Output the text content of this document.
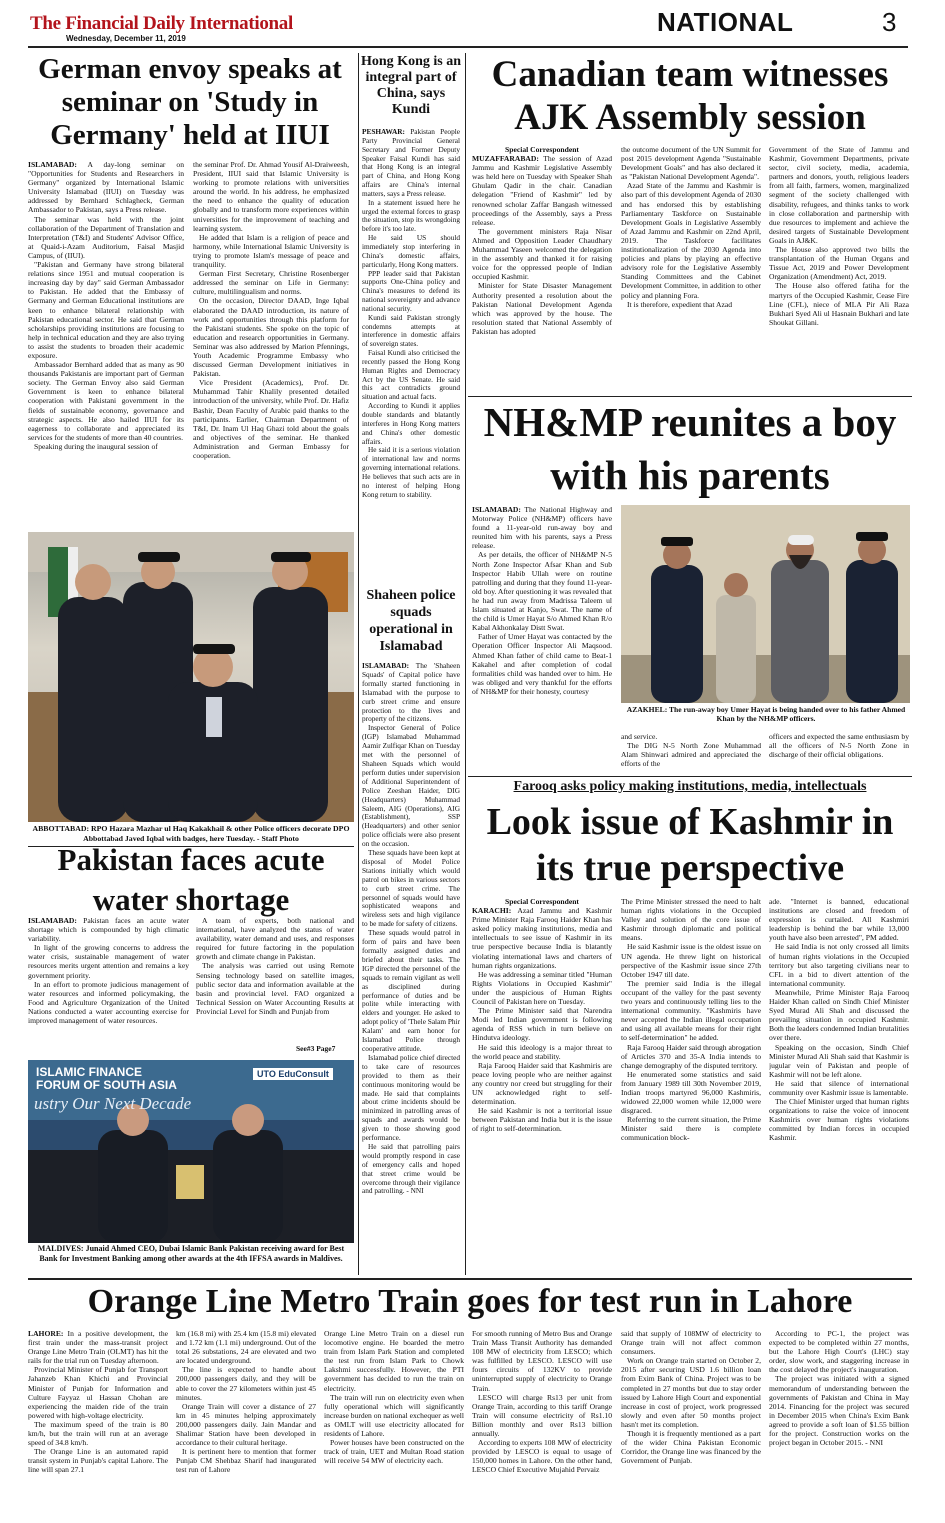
The Financial Daily International
Wednesday, December 11, 2019
NATIONAL	3
German envoy speaks at seminar on 'Study in Germany' held at IIUI

ISLAMABAD: A day-long seminar on "Opportunities for Students and Researchers in Germany" organized by International Islamic University Islamabad (IIUI) on Tuesday was addressed by Bernhard Schlagheck, German Ambassador to Pakistan, says a Press release.

The seminar was held with the joint collaboration of the Department of Translation and Interpretation (T&I) and Students' Advisor Office, at Quaid-i-Azam Auditorium, Faisal Masjid Campus, of (IIUI).

"Pakistan and Germany have strong bilateral relations since 1951 and mutual cooperation is increasing day by day" said German Ambassador to Pakistan. He added that the Embassy of Germany and German Educational institutions are keen to enhance bilateral relationship with Pakistan educational sector. He said that German scholarships providing institutions are focusing to help in technical education and they are also trying to assist the students to broaden their academic exposure.

Ambassador Bernhard added that as many as 90 thousands Pakistanis are important part of German society. The German Envoy also said German Government is keen to enhance bilateral cooperation with Pakistani government in the fields of sustainable economy, governance and strategic aspects. He also hailed IIUI for its eagerness to collaborate and appreciated its services for the students of more than 40 countries.

Speaking during the inaugural session of

the seminar Prof. Dr. Ahmad Yousif Al-Draiweesh, President, IIUI said that Islamic University is working to promote relations with universities around the world. In his address, he emphasized the need to enhance the quality of education globally and to transform more experiences within universities for the improvement of teaching and learning system.

He added that Islam is a religion of peace and harmony, while International Islamic University is trying to promote Islam's message of peace and tranquility.

German First Secretary, Christine Rosenberger addressed the seminar on Life in Germany: culture, multilingualism and norms.

On the occasion, Director DAAD, Inge Iqbal elaborated the DAAD introduction, its nature of work and opportunities through this platform for the Pakistani students. She spoke on the topic of education and research opportunities in Germany. Seminar was also addressed by Marion Pfennings, Youth Academic Programme Embassy who discussed German Development initiatives in Pakistan.

Vice President (Academics), Prof. Dr. Muhammad Tahir Khalily presented detailed introduction of the university, while Prof. Dr. Hafiz Bashir, Dean Faculty of Arabic paid thanks to the participants. Earlier, Chairman Department of T&I, Dr. Inam Ul Haq Ghazi told about the goals and objectives of the seminar. He thanked Administration and German Embassy for cooperation.

ABBOTTABAD: RPO Hazara Mazhar ul Haq Kakakhail & other Police officers decorate DPO Abbottabad Javed Iqbal with badges, here Tuesday. - Staff Photo
Pakistan faces acute water shortage

ISLAMABAD: Pakistan faces an acute water shortage which is compounded by high climatic variability.

In light of the growing concerns to address the water crisis, sustainable management of water resources merits urgent attention and remains a key government priority.

In an effort to promote judicious management of water resources and informed policymaking, the Food and Agriculture Organization of the United Nations conducted a water accounting exercise for improved management of water resources.

A team of experts, both national and international, have analyzed the status of water availability, water demand and uses, and responses required for future factoring in the population growth and climate change in Pakistan.

The analysis was carried out using Remote Sensing technology based on satellite images, public sector data and information available at the basin and provincial level. FAO organized a Technical Session on Water Accounting Results at Provincial Level for Sindh and Punjab from

See#3 Page7
ISLAMIC FINANCE FORUM OF SOUTH ASIA
ustry Our Next Decade
UTO EduConsult
MALDIVES: Junaid Ahmed CEO, Dubai Islamic Bank Pakistan receiving award for Best Bank for Investment Banking among other awards at the 4th IFFSA awards in Maldives.
Hong Kong is an integral part of China, says Kundi

PESHAWAR: Pakistan People Party Provincial General Secretary and Former Deputy Speaker Faisal Kundi has said that Hong Kong is an integral part of China, and Hong Kong affairs are China's internal matters, says a Press release.

In a statement issued here he urged the external forces to grasp the situation, stop its wrongdoing before it's too late.

He said US should immediately stop interfering in China's domestic affairs, particularly, Hong Kong matters.

PPP leader said that Pakistan supports One-China policy and China's measures to defend its national sovereignty and advance national security.

Kundi said Pakistan strongly condemns attempts at interference in domestic affairs of sovereign states.

Faisal Kundi also criticised the recently passed the Hong Kong Human Rights and Democracy Act by the US Senate. He said this act contradicts ground situation and actual facts.

According to Kundi it applies double standards and blatantly interferes in Hong Kong matters and China's other domestic affairs.

He said it is a serious violation of international law and norms governing international relations. He believes that such acts are in no interest of helping Hong Kong return to stability.

Shaheen police squads operational in Islamabad

ISLAMABAD: The 'Shaheen Squads' of Capital police have formally started functioning in Islamabad with the purpose to curb street crime and ensure protection to the lives and property of the citizens.

Inspector General of Police (IGP) Islamabad Muhammad Aamir Zulfiqar Khan on Tuesday met with the personnel of Shaheen Squads which would perform duties under supervision of Additional Superintendent of Police Zeeshan Haider, DIG (Headquarters) Muhammad Saleem, AIG (Operations), AIG (Establishment), SSP (Headquarters) and other senior police officials were also present on the occasion.

These squads have been kept at disposal of Model Police Stations initially which would patrol on bikes in various sectors to curb street crime. The personnel of squads would have sophisticated weapons and wireless sets and high vigilance to be made for safety of citizens.

These squads would patrol in form of pairs and have been formally assigned duties and briefed about their tasks. The IGP directed the personnel of the squads to remain vigilant as well as disciplined during performance of duties and be polite while interacting with elders and younger. He asked to adopt policy of 'Thele Salam Phir Kalam' and earn honor for Islamabad Police through cooperative attitude.

Islamabad police chief directed to take care of resources provided to them as their continuous monitoring would be made. He said that complaints about crime incidents should be minimized in patrolling areas of squads and awards would be given to those showing good performance.

He said that patrolling pairs would promptly respond in case of emergency calls and hoped that street crime would be overcome through their vigilance and patrolling. - NNI

Canadian team witnesses AJK Assembly session

Special Correspondent

MUZAFFARABAD: The session of Azad Jammu and Kashmir Legislative Assembly was held here on Tuesday with Speaker Shah Ghulam Qadir in the chair. Canadian delegation "Friend of Kashmir" led by renowned scholar Zaffar Bangash witnessed proceedings of the Assembly, says a Press release.

The government ministers Raja Nisar Ahmed and Opposition Leader Chaudhary Muhammad Yaseen welcomed the delegation in the assembly and thanked it for raising voice for the oppressed people of Indian occupied Kashmir.

Minister for State Disaster Management Authority presented a resolution about the Pakistan National Development Agenda which was approved by the house. The resolution stated that National Assembly of Pakistan has adopted

the outcome document of the UN Summit for post 2015 development Agenda "Sustainable Development Goals" and has also declared it as "Pakistan National Development Agenda".

Azad State of the Jammu and Kashmir is also part of this development Agenda of 2030 and has endorsed this by establishing Parliamentary Taskforce on Sustainable Development Goals in Legislative Assembly of Azad Jammu and Kashmir on 22nd April, 2019. The Taskforce facilitates institutionalization of the 2030 Agenda into policies and plans by playing an effective advisory role for the Legislative Assembly Standing Committees and the Cabinet Development Committee, in addition to other policy and planning Fora.

It is therefore, expedient that Azad

Government of the State of Jammu and Kashmir, Government Departments, private sector, civil society, media, academia, partners and donors, youth, religious leaders from all faith, farmers, women, marginalized segment of the society challenged with disability, refugees, and thinks tanks to work in close collaboration and partnership with due resources to implement and achieve the desired targets of Sustainable Development Goals in AJ&K.

The House also approved two bills the transplantation of the Human Organs and Tissue Act, 2019 and Power Development Organization (Amendment) Act, 2019.

The House also offered fatiha for the martyrs of the Occupied Kashmir, Cease Fire Line (CFL), niece of MLA Pir Ali Raza Bukhari Syed Ali ul Hasnain Bukhari and late Shoukat Gillani.

NH&MP reunites a boy with his parents

ISLAMABAD: The National Highway and Motorway Police (NH&MP) officers have found a 11-year-old run-away boy and reunited him with his parents, says a Press release.

As per details, the officer of NH&MP N-5 North Zone Inspector Afsar Khan and Sub Inspector Habib Ullah were on routine patrolling and during that they found 11-year-old boy. After questioning it was revealed that he had run away from Madrissa Taleem ul Islam situated at Kanjo, Swat. The name of the child is Umer Hayat S/o Ahmed Khan R/o Kabal Akhonkalay Distt Swat.

Father of Umer Hayat was contacted by the Operation Officer Inspector Ali Maqsood. Ahmed Khan father of child came to Beat-1 Kakahel and after completion of codal formalities child was handed over to him. He was obliged and very thankful for the efforts of NH&MP for their honesty, courtesy

AZAKHEL: The run-away boy Umer Hayat is being handed over to his father Ahmed Khan by the NH&MP officers.

and service.

The DIG N-5 North Zone Muhammad Alam Shinwari admired and appreciated the efforts of the

officers and expected the same enthusiasm by all the officers of N-5 North Zone in discharge of their official obligations.

Farooq asks policy making institutions, media, intellectuals
Look issue of Kashmir in its true perspective

Special Correspondent

KARACHI: Azad Jammu and Kashmir Prime Minister Raja Farooq Haider Khan has asked policy making institutions, media and intellectuals to see issue of Kashmir in its true perspective because India is blatantly violating international laws and charters of human rights organizations.

He was addressing a seminar titled "Human Rights Violations in Occupied Kashmir" under the auspicious of Human Rights Council of Pakistan here on Tuesday.

The Prime Minister said that Narendra Modi led Indian government is following agenda of RSS which in turn believe on Hindutva ideology.

He said this ideology is a major threat to the world peace and stability.

Raja Farooq Haider said that Kashmiris are peace loving people who are neither against any country nor creed but struggling for their UN acknowledged right to self-determination.

He said Kashmir is not a territorial issue between Pakistan and India but it is the issue of right to self-determination.

The Prime Minister stressed the need to halt human rights violations in the Occupied Valley and solution of the core issue of Kashmir through diplomatic and political means.

He said Kashmir issue is the oldest issue on UN agenda. He threw light on historical perspective of the Kashmir issue since 27th October 1947 till date.

The premier said India is the illegal occupant of the valley for the past seventy two years and continuously telling lies to the international community. "Kashmiris have never accepted the Indian illegal occupation and using all available means for their right to self-determination" he added.

Raja Farooq Haider said through abrogation of Articles 370 and 35-A India intends to change demography of the disputed territory.

He enumerated some statistics and said from January 1989 till 30th November 2019, Indian troops martyred 96,000 Kashmiris, widowed 22,000 women while 12,000 were disgraced.

Referring to the current situation, the Prime Minister said there is complete communication block-

ade. "Internet is banned, educational institutions are closed and freedom of expression is curtailed. All Kashmiri leadership is behind the bar while 13,000 youth have also been arrested", PM added.

He said India is not only crossed all limits of human rights violations in the Occupied territory but also targeting civilians near to CFL in a bid to divert attention of the international community.

Meanwhile, Prime Minister Raja Farooq Haider Khan called on Sindh Chief Minister Syed Murad Ali Shah and discussed the prevailing situation in occupied Kashmir. Both the leaders condemned Indian brutalities over there.

Speaking on the occasion, Sindh Chief Minister Murad Ali Shah said that Kashmir is jugular vein of Pakistan and people of Kashmir will not be left alone.

He said that silence of international community over Kashmir issue is lamentable.

The Chief Minister urged that human rights organizations to raise the voice of innocent Kashmiris over human rights violations committed by Indian forces in occupied Kashmir.

Orange Line Metro Train goes for test run in Lahore

LAHORE: In a positive development, the first train under the mass-transit project Orange Line Metro Train (OLMT) has hit the rails for the trial run on Tuesday afternoon.

Provincial Minister of Punjab for Transport Jahanzeb Khan Khichi and Provincial Minister of Punjab for Information and Culture Fayyaz ul Hassan Chohan are experiencing the maiden ride of the train powered with high-voltage electricity.

The maximum speed of the train is 80 km/h, but the train will run at an average speed of 34.8 km/h.

The Orange Line is an automated rapid transit system in Punjab's capital Lahore. The line will span 27.1

km (16.8 mi) with 25.4 km (15.8 mi) elevated and 1.72 km (1.1 mi) underground. Out of the total 26 substations, 24 are elevated and two are located underground.

The line is expected to handle about 200,000 passengers daily, and they will be able to cover the 27 kilometers within just 45 minutes.

Orange Train will cover a distance of 27 km in 45 minutes helping approximately 200,000 passengers daily. Jain Mandar and Shalimar Station have been developed in accordance to their cultural heritage.

It is pertinent here to mention that former Punjab CM Shehbaz Sharif had inaugurated test run of Lahore

Orange Line Metro Train on a diesel run locomotive engine. He boarded the metro train from Islam Park Station and completed the test run from Islam Park to Chowk Lakshmi successfully. However, the PTI government has decided to run the train on electricity.

The train will run on electricity even when fully operational which will significantly increase burden on national exchequer as well as OMLT will use electricity allocated for residents of Lahore.

Power houses have been constructed on the track of train, UET and Multan Road station will receive 54 MW of electricity each.

For smooth running of Metro Bus and Orange Train Mass Transit Authority has demanded 108 MW of electricity from LESCO; which was fulfilled by LESCO. LESCO will use fours circuits of 132KV to provide uninterrupted supply of electricity to Orange Train.

LESCO will charge Rs13 per unit from Orange Train, according to this tariff Orange Train will consume electricity of Rs1.10 Billion monthly and over Rs13 billion annually.

According to experts 108 MW of electricity provided by LESCO is equal to usage of 150,000 homes in Lahore. On the other hand, LESCO Chief Executive Mujahid Pervaiz

said that supply of 108MW of electricity to Orange train will not affect common consumers.

Work on Orange train started on October 2, 2015 after securing USD 1.6 billion loan from Exim Bank of China. Project was to be completed in 27 months but due to stay order issued by Lahore High Court and exponential increase in cost of project, work progressed slowly and even after 50 months project hasn't met its completion.

Though it is frequently mentioned as a part of the wider China Pakistan Economic Corridor, the Orange line was financed by the Government of Punjab.

According to PC-1, the project was expected to be completed within 27 months, but the Lahore High Court's (LHC) stay order, slow work, and staggering increase in the cost delayed the project's inauguration.

The project was initiated with a signed memorandum of understanding between the governments of Pakistan and China in May 2014. Financing for the project was secured in December 2015 when China's Exim Bank agreed to provide a soft loan of $1.55 billion for the project. Construction works on the project began in October 2015. - NNI
